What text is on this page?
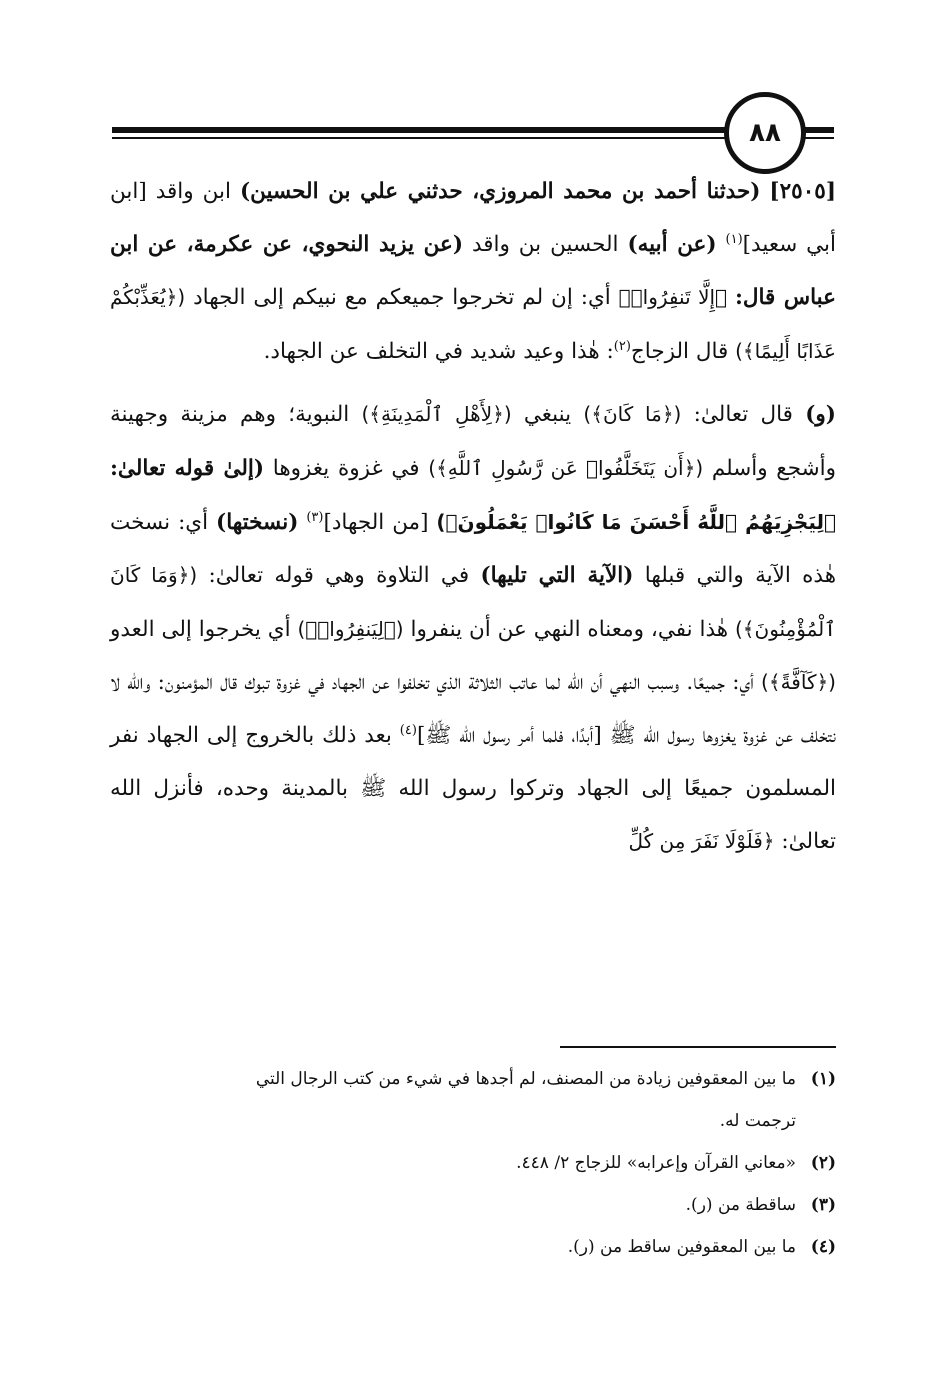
٨٨

[٢٥٠٥] (حدثنا أحمد بن محمد المروزي، حدثني علي بن الحسين) ابن واقد [ابن أبي سعيد]$^{(١)}$ (عن أبيه) الحسين بن واقد (عن يزيد النحوي، عن عكرمة، عن ابن عباس قال: ﴿إِلَّا تَنفِرُوا۟﴾ أي: إن لم تخرجوا جميعكم مع نبيكم إلى الجهاد (﴿يُعَذِّبْكُمْ عَذَابًا أَلِيمًا﴾) قال الزجاج$^{(٢)}$: هٰذا وعيد شديد في التخلف عن الجهاد.

(و) قال تعالىٰ: (﴿مَا كَانَ﴾) ينبغي (﴿لِأَهْلِ ٱلْمَدِينَةِ﴾) النبوية؛ وهم مزينة وجهينة وأشجع وأسلم (﴿أَن يَتَخَلَّفُوا۟ عَن رَّسُولِ ٱللَّهِ﴾) في غزوة يغزوها (إلىٰ قوله تعالىٰ: ﴿لِيَجْزِيَهُمُ ٱللَّهُ أَحْسَنَ مَا كَانُوا۟ يَعْمَلُونَ﴾) [من الجهاد]$^{(٣)}$ (نسختها) أي: نسخت هٰذه الآية والتي قبلها (الآية التي تليها) في التلاوة وهي قوله تعالىٰ: (﴿وَمَا كَانَ ٱلْمُؤْمِنُونَ﴾) هٰذا نفي، ومعناه النهي عن أن ينفروا (﴿لِيَنفِرُوا۟﴾) أي يخرجوا إلى العدو (﴿كَآفَّةً﴾) أي: جميعًا. وسبب النهي أن الله لما عاتب الثلاثة الذي تخلفوا عن الجهاد في غزوة تبوك قال المؤمنون: والله لا نتخلف عن غزوة يغزوها رسول الله ﷺ [أبدًا، فلما أمر رسول الله ﷺ]$^{(٤)}$ بعد ذلك بالخروج إلى الجهاد نفر المسلمون جميعًا إلى الجهاد وتركوا رسول الله ﷺ بالمدينة وحده، فأنزل الله تعالىٰ: ﴿فَلَوْلَا نَفَرَ مِن كُلِّ

(١)
ما بين المعقوفين زيادة من المصنف، لم أجدها في شيء من كتب الرجال التي
ترجمت له.
(٢)
«معاني القرآن وإعرابه» للزجاج ٢/ ٤٤٨.
(٣)
ساقطة من (ر).
(٤)
ما بين المعقوفين ساقط من (ر).
